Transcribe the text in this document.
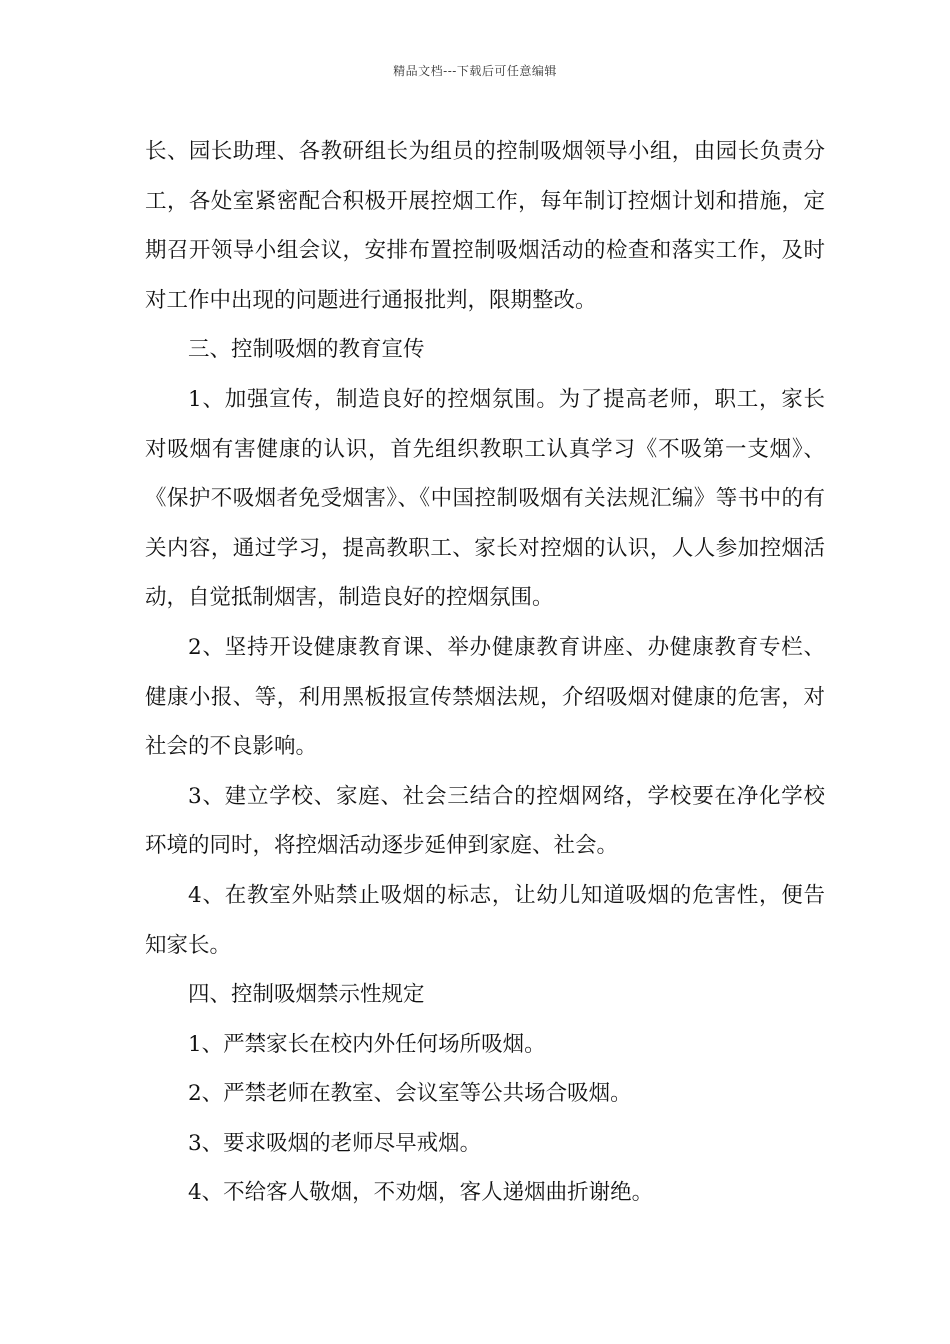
精品文档---下载后可任意编辑

长、园长助理、各教研组长为组员的控制吸烟领导小组，由园长负责分工，各处室紧密配合积极开展控烟工作，每年制订控烟计划和措施，定期召开领导小组会议，安排布置控制吸烟活动的检查和落实工作，及时对工作中出现的问题进行通报批判，限期整改。

三、控制吸烟的教育宣传

1、加强宣传，制造良好的控烟氛围。为了提高老师，职工，家长对吸烟有害健康的认识，首先组织教职工认真学习《不吸第一支烟》、《保护不吸烟者免受烟害》、《中国控制吸烟有关法规汇编》等书中的有关内容，通过学习，提高教职工、家长对控烟的认识，人人参加控烟活动，自觉抵制烟害，制造良好的控烟氛围。

2、坚持开设健康教育课、举办健康教育讲座、办健康教育专栏、健康小报、等，利用黑板报宣传禁烟法规，介绍吸烟对健康的危害，对社会的不良影响。

3、建立学校、家庭、社会三结合的控烟网络，学校要在净化学校环境的同时，将控烟活动逐步延伸到家庭、社会。

4、在教室外贴禁止吸烟的标志，让幼儿知道吸烟的危害性，便告知家长。

四、控制吸烟禁示性规定

1、严禁家长在校内外任何场所吸烟。

2、严禁老师在教室、会议室等公共场合吸烟。

3、要求吸烟的老师尽早戒烟。

4、不给客人敬烟，不劝烟，客人递烟曲折谢绝。
